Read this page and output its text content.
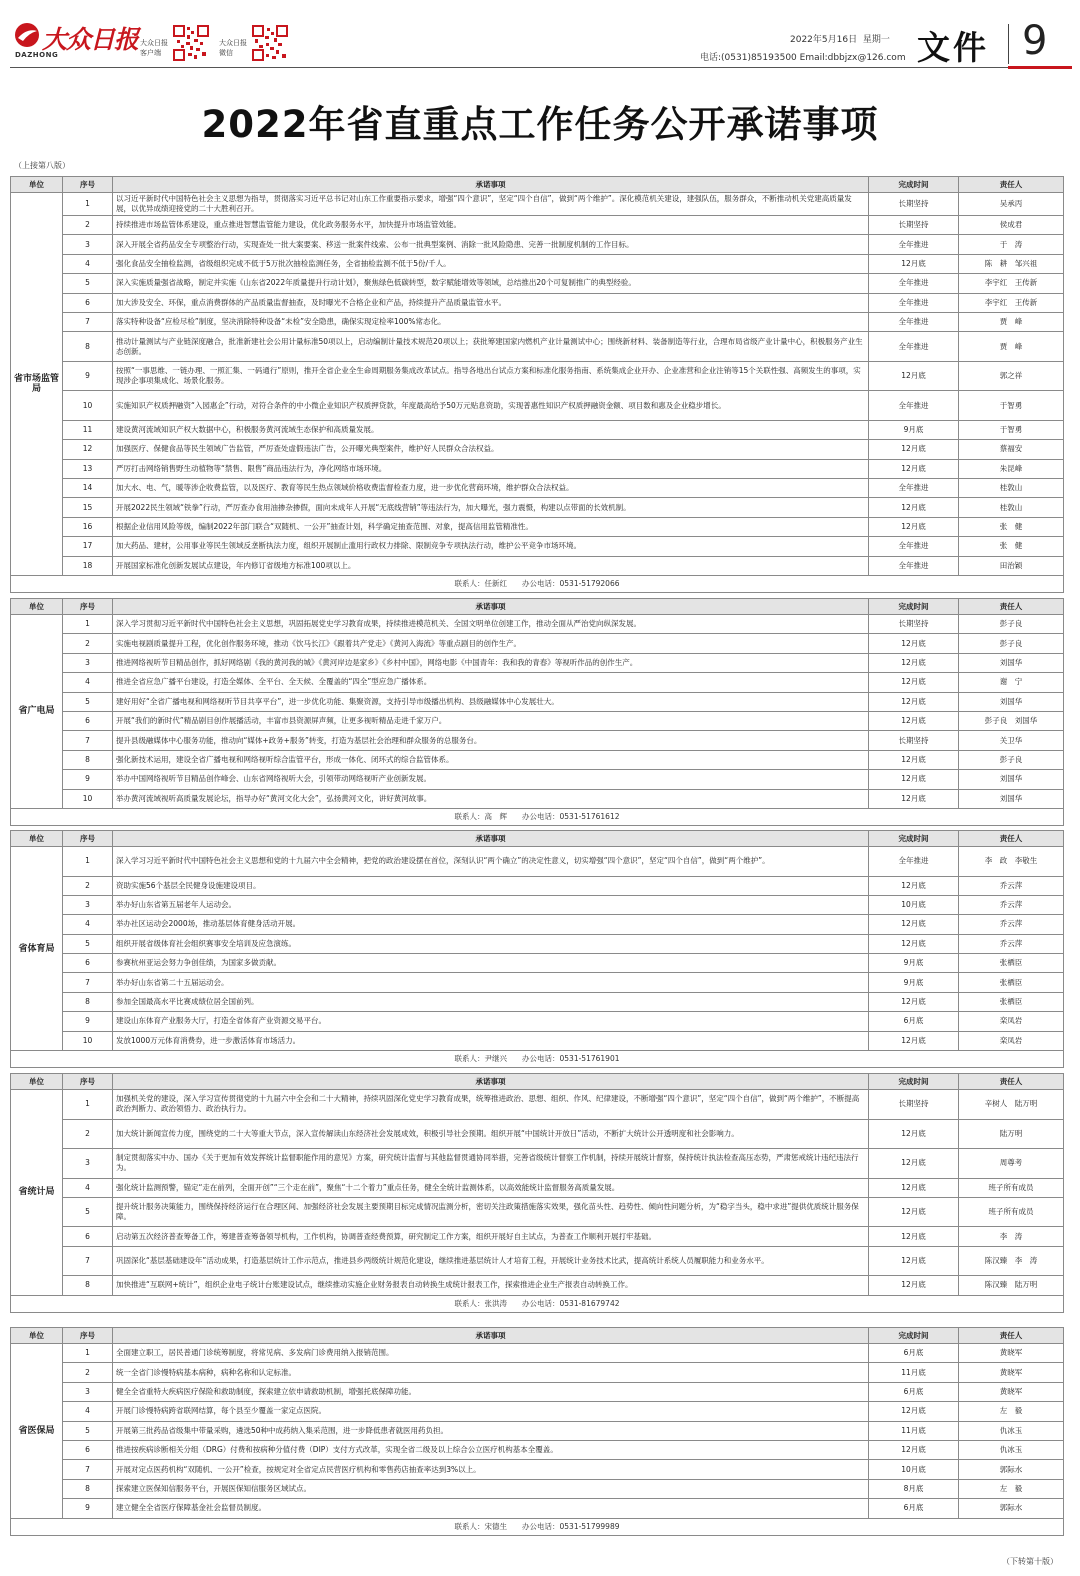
大众日报
DAZHONG
大众日报
客户端
大众日报
微信
2022年5月16日 星期一
电话:(0531)85193500 Email:dbbjzx@126.com 文件 9
2022年省直重点工作任务公开承诺事项
（上接第八版）
单位	序号	承诺事项	完成时间	责任人
省市场监管局	1	以习近平新时代中国特色社会主义思想为指导，贯彻落实习近平总书记对山东工作重要指示要求，增强“四个意识”，坚定“四个自信”，做到“两个维护”。深化模范机关建设，建强队伍，服务群众，不断推动机关党建高质量发展，以优异成绩迎接党的二十大胜利召开。	长期坚持	吴承丙
	2	持续推进市场监管体系建设，重点推进智慧监管能力建设，优化政务服务水平，加快提升市场监管效能。	长期坚持	侯成君
	3	深入开展全省药品安全专项整治行动，实现查处一批大案要案、移送一批案件线索、公布一批典型案例、消除一批风险隐患、完善一批制度机制的工作目标。	全年推进	于　涛
	4	强化食品安全抽检监测，省级组织完成不低于5万批次抽检监测任务，全省抽检监测不低于5份/千人。	12月底	陈　耕　邹兴祖
	5	深入实施质量强省战略，制定并实施《山东省2022年质量提升行动计划》，聚焦绿色低碳转型，数字赋能增效等领域，总结推出20个可复制推广的典型经验。	全年推进	李宇红　王传新
	6	加大涉及安全、环保，重点消费群体的产品质量监督抽查，及时曝光不合格企业和产品，持续提升产品质量监管水平。	全年推进	李宇红　王传新
	7	落实特种设备“应检尽检”制度，坚决消除特种设备“未检”安全隐患，确保实现定检率100%常态化。	全年推进	贾　峰
	8	推动计量测试与产业链深度融合，批准新建社会公用计量标准50项以上，启动编制计量技术规范20项以上；获批筹建国家内燃机产业计量测试中心；围绕新材料、装备制造等行业，合理布局省级产业计量中心，积极服务产业生态创新。	全年推进	贾　峰
	9	按照“一事思维、一链办理、一照汇集、一码通行”原则，推开全省企业全生命周期服务集成改革试点。指导各地出台试点方案和标准化服务指南、系统集成企业开办、企业准营和企业注销等15个关联性强、高频发生的事项，实现涉企事项集成化、场景化服务。	12月底	郭之祥
	10	实施知识产权质押融资“入园惠企”行动，对符合条件的中小微企业知识产权质押贷款，年度最高给予50万元贴息资助，实现普惠性知识产权质押融资金额、项目数和惠及企业稳步增长。	全年推进	于智勇
	11	建设黄河流域知识产权大数据中心，积极服务黄河流域生态保护和高质量发展。	9月底	于智勇
	12	加强医疗、保健食品等民生领域广告监管，严厉查处虚假违法广告，公开曝光典型案件，维护好人民群众合法权益。	12月底	蔡福安
	13	严厉打击网络销售野生动植物等“禁售、限售”商品违法行为，净化网络市场环境。	12月底	朱昆峰
	14	加大水、电、气，暖等涉企收费监管，以及医疗、教育等民生热点领域价格收费监督检查力度，进一步优化营商环境，维护群众合法权益。	全年推进	桂敦山
	15	开展2022民生领域“铁拳”行动，严厉查办食用油掺杂掺假，面向未成年人开展“无底线营销”等违法行为，加大曝光，强力震慑，构建以点带面的长效机制。	12月底	桂敦山
	16	根据企业信用风险等级，编制2022年部门联合“双随机、一公开”抽查计划，科学确定抽查范围、对象，提高信用监管精准性。	12月底	张　健
	17	加大药品、建材，公用事业等民生领域反垄断执法力度，组织开展制止滥用行政权力排除、限制竞争专项执法行动，维护公平竞争市场环境。	全年推进	张　健
	18	开展国家标准化创新发展试点建设，年内修订省级地方标准100项以上。	全年推进	田治颖
联系人：任新红　　办公电话：0531-51792066				
单位	序号	承诺事项	完成时间	责任人
省广电局	1	深入学习贯彻习近平新时代中国特色社会主义思想，巩固拓展党史学习教育成果，持续推进模范机关、全国文明单位创建工作，推动全面从严治党向纵深发展。	长期坚持	彭子良
	2	实施电视剧质量提升工程，优化创作服务环境，推动《饮马长江》《跟着共产党走》《黄河入海流》等重点剧目的创作生产。	12月底	彭子良
	3	推进网络视听节目精品创作，抓好网络剧《我的黄河我的城》《黄河岸边是家乡》《乡村中国》，网络电影《中国青年：我和我的青春》等视听作品的创作生产。	12月底	刘国华
	4	推进全省应急广播平台建设，打造全媒体、全平台、全天候、全覆盖的“四全”型应急广播体系。	12月底	谢　宁
	5	建好用好“全省广播电视和网络视听节目共享平台”，进一步优化功能、集聚资源，支持引导市级播出机构、县级融媒体中心发展壮大。	12月底	刘国华
	6	开展“我们的新时代”精品剧目创作展播活动，丰富市县资源屏声频，让更多视听精品走进千家万户。	12月底	彭子良　刘国华
	7	提升县级融媒体中心服务功能，推动向“媒体+政务+服务”转变，打造为基层社会治理和群众服务的总服务台。	长期坚持	关卫华
	8	强化新技术运用，建设全省广播电视和网络视听综合监管平台，形成一体化、闭环式的综合监管体系。	12月底	彭子良
	9	举办中国网络视听节目精品创作峰会、山东省网络视听大会，引领带动网络视听产业创新发展。	12月底	刘国华
	10	举办黄河流域视听高质量发展论坛，指导办好“黄河文化大会”，弘扬黄河文化，讲好黄河故事。	12月底	刘国华
联系人：高　辉　　办公电话：0531-51761612				
单位	序号	承诺事项	完成时间	责任人
省体育局	1	深入学习习近平新时代中国特色社会主义思想和党的十九届六中全会精神，把党的政治建设摆在首位，深刻认识“两个确立”的决定性意义，切实增强“四个意识”，坚定“四个自信”，做到“两个维护”。	全年推进	李　政　李敬生
	2	资助实施56个基层全民健身设施建设项目。	12月底	乔云萍
	3	举办好山东省第五届老年人运动会。	10月底	乔云萍
	4	举办社区运动会2000场，推动基层体育健身活动开展。	12月底	乔云萍
	5	组织开展省级体育社会组织赛事安全培训及应急演练。	12月底	乔云萍
	6	参赛杭州亚运会努力争创佳绩，为国家多做贡献。	9月底	张栖臣
	7	举办好山东省第二十五届运动会。	9月底	张栖臣
	8	参加全国最高水平比赛成绩位居全国前列。	12月底	张栖臣
	9	建设山东体育产业服务大厅，打造全省体育产业资源交易平台。	6月底	栾凤岩
	10	发放1000万元体育消费券，进一步激活体育市场活力。	12月底	栾凤岩
联系人：尹继兴　　办公电话：0531-51761901				
单位	序号	承诺事项	完成时间	责任人
省统计局	1	加强机关党的建设，深入学习宣传贯彻党的十九届六中全会和二十大精神，持续巩固深化党史学习教育成果，统筹推进政治、思想、组织、作风、纪律建设，不断增强“四个意识”，坚定“四个自信”，做到“两个维护”，不断提高政治判断力、政治领悟力、政治执行力。	长期坚持	辛树人　陆万明
	2	加大统计新闻宣传力度，围绕党的二十大等重大节点，深入宣传解读山东经济社会发展成效，积极引导社会预期。组织开展“中国统计开放日”活动，不断扩大统计公开透明度和社会影响力。	12月底	陆万明
	3	制定贯彻落实中办、国办《关于更加有效发挥统计监督职能作用的意见》方案，研究统计监督与其他监督贯通协同举措，完善省级统计督察工作机制，持续开展统计督察，保持统计执法检查高压态势，严肃惩戒统计违纪违法行为。	12月底	周尊考
	4	强化统计监测预警，锚定“走在前列，全面开创”“三个走在前”，聚焦“十二个着力”重点任务，健全全统计监测体系，以高效能统计监督服务高质量发展。	12月底	班子所有成员
	5	提升统计服务决策能力，围绕保持经济运行在合理区间、加强经济社会发展主要预期目标完成情况监测分析，密切关注政策措施落实效果，强化苗头性、趋势性、倾向性问题分析，为“稳字当头，稳中求进”提供优质统计服务保障。	12月底	班子所有成员
	6	启动第五次经济普查筹备工作，筹建普查筹备领导机构，工作机构，协调普查经费预算，研究制定工作方案，组织开展好自主试点，为普查工作顺利开展打牢基础。	12月底	李　涛
	7	巩固深化“基层基础建设年”活动成果，打造基层统计工作示范点，推进县乡两级统计规范化建设，继续推进基层统计人才培育工程，开展统计业务技术比武，提高统计系统人员履职能力和业务水平。	12月底	陈汉臻　李　涛
	8	加快推进“互联网+统计”，组织企业电子统计台账建设试点，继续推动实施企业财务报表自动转换生成统计报表工作，探索推进企业生产报表自动转换工作。	12月底	陈汉臻　陆万明
联系人：张洪涛　　办公电话：0531-81679742				
单位	序号	承诺事项	完成时间	责任人
省医保局	1	全面建立职工，居民普通门诊统筹制度，将常见病、多发病门诊费用纳入报销范围。	6月底	黄晓军
	2	统一全省门诊慢特病基本病种，病种名称和认定标准。	11月底	黄晓军
	3	健全全省重特大疾病医疗保险和救助制度，探索建立依申请救助机制，增强托底保障功能。	6月底	黄晓军
	4	开展门诊慢特病跨省联网结算，每个县至少覆盖一家定点医院。	12月底	左　毅
	5	开展第三批药品省级集中带量采购，遴选50种中成药纳入集采范围，进一步降低患者就医用药负担。	11月底	仇冰玉
	6	推进按疾病诊断相关分组（DRG）付费和按病种分值付费（DIP）支付方式改革，实现全省二级及以上综合公立医疗机构基本全覆盖。	12月底	仇冰玉
	7	开展对定点医药机构“双随机、一公开”检查，按规定对全省定点民营医疗机构和零售药店抽查率达到3%以上。	10月底	郭际水
	8	探索建立医保知信服务平台，开展医保知信服务区域试点。	8月底	左　毅
	9	建立健全全省医疗保障基金社会监督员制度。	6月底	郭际水
联系人：宋德生　　办公电话：0531-51799989				
（下转第十版）
